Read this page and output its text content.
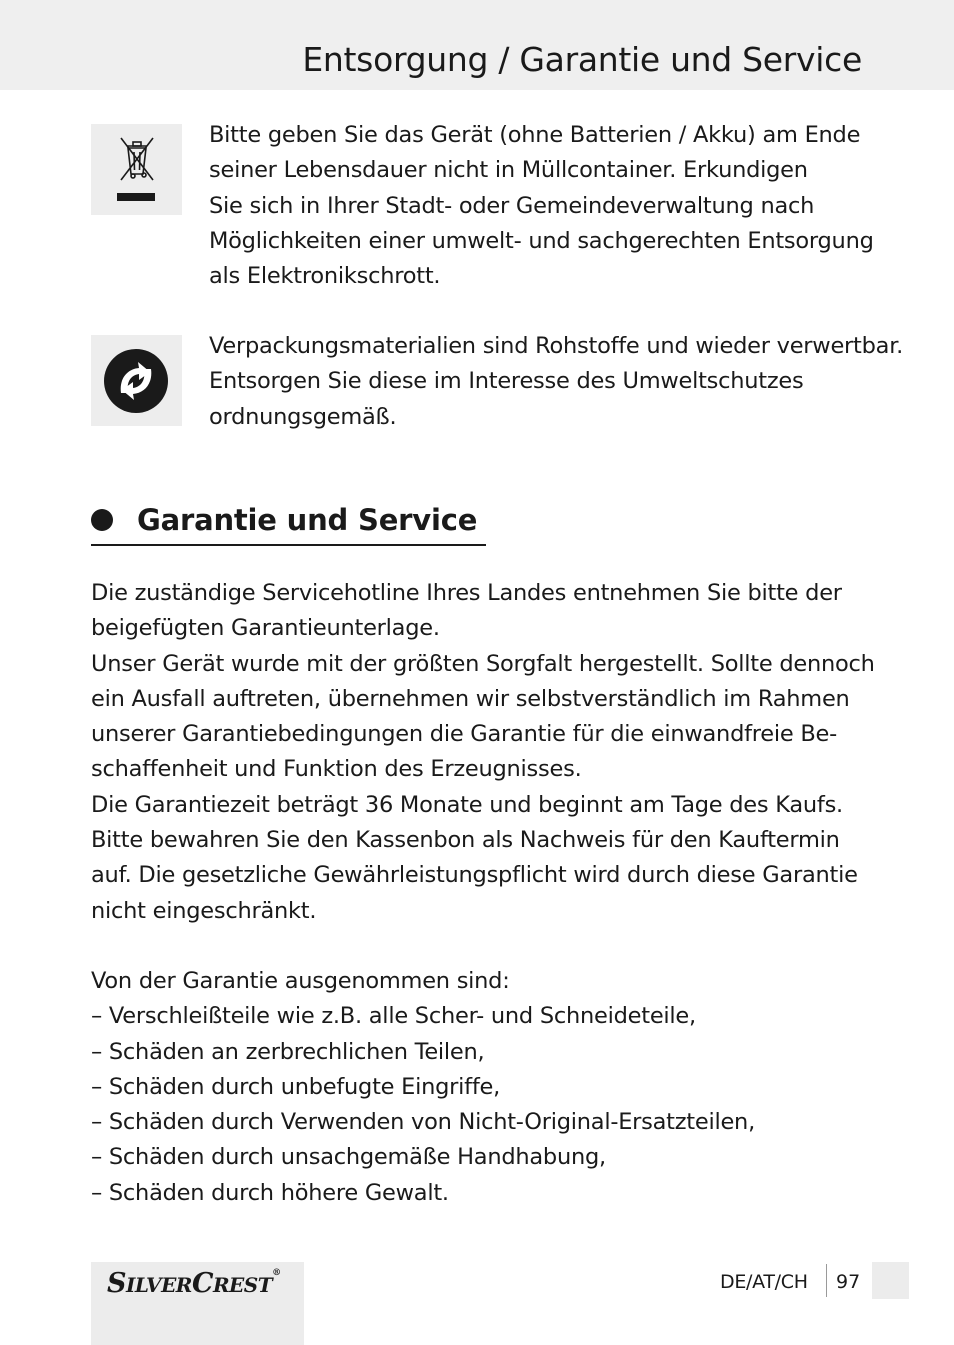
Entsorgung / Garantie und Service
Bitte geben Sie das Gerät (ohne Batterien / Akku) am Ende
seiner Lebensdauer nicht in Müllcontainer. Erkundigen
Sie sich in Ihrer Stadt- oder Gemeindeverwaltung nach
Möglichkeiten einer umwelt- und sachgerechten Entsorgung
als Elektronikschrott.
Verpackungsmaterialien sind Rohstoffe und wieder verwertbar.
Entsorgen Sie diese im Interesse des Umweltschutzes
ordnungsgemäß.
Garantie und Service
Die zuständige Servicehotline Ihres Landes entnehmen Sie bitte der
beigefügten Garantieunterlage.
Unser Gerät wurde mit der größten Sorgfalt hergestellt. Sollte dennoch
ein Ausfall auftreten, übernehmen wir selbstverständlich im Rahmen
unserer Garantiebedingungen die Garantie für die einwandfreie Be-
schaffenheit und Funktion des Erzeugnisses.
Die Garantiezeit beträgt 36 Monate und beginnt am Tage des Kaufs.
Bitte bewahren Sie den Kassenbon als Nachweis für den Kauftermin
auf. Die gesetzliche Gewährleistungspflicht wird durch diese Garantie
nicht eingeschränkt.
Von der Garantie ausgenommen sind:
– Verschleißteile wie z.B. alle Scher- und Schneideteile,
– Schäden an zerbrechlichen Teilen,
– Schäden durch unbefugte Eingriffe,
– Schäden durch Verwenden von Nicht-Original-Ersatzteilen,
– Schäden durch unsachgemäße Handhabung,
– Schäden durch höhere Gewalt.
SILVERCREST®	DE/AT/CH 97
